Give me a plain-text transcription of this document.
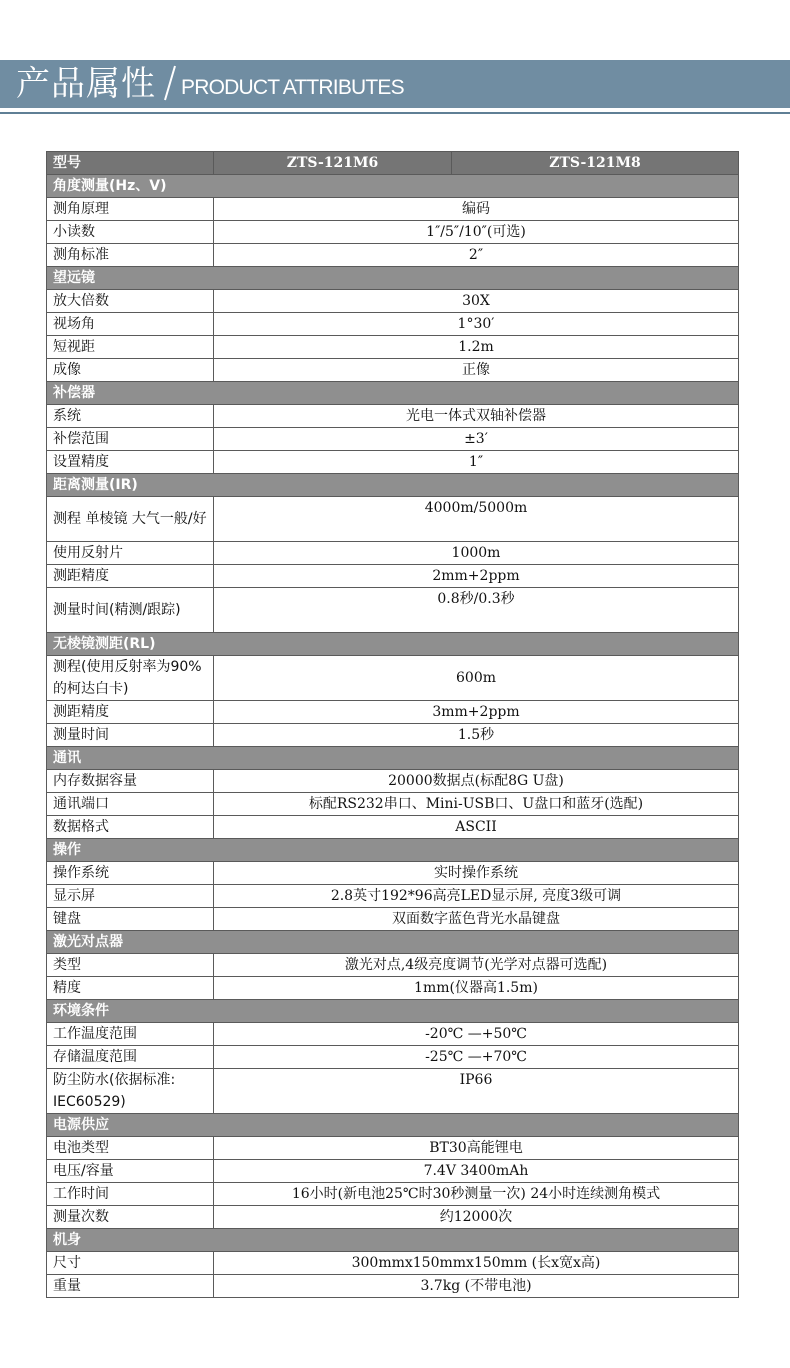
产品属性 PRODUCT ATTRIBUTES
型号	ZTS-121M6	ZTS-121M8
角度测量(Hz、V)		
测角原理	编码	
小读数	1″/5″/10″(可选)	
测角标准	2″	
望远镜		
放大倍数	30X	
视场角	1°30′	
短视距	1.2m	
成像	正像	
补偿器		
系统	光电一体式双轴补偿器	
补偿范围	±3′	
设置精度	1″	
距离测量(IR)		
测程 单棱镜 大气一般/好	4000m/5000m	
使用反射片	1000m	
测距精度	2mm+2ppm	
测量时间(精测/跟踪)	0.8秒/0.3秒	
无棱镜测距(RL)		
测程(使用反射率为90%的柯达白卡)	600m	
测距精度	3mm+2ppm	
测量时间	1.5秒	
通讯		
内存数据容量	20000数据点(标配8G U盘)	
通讯端口	标配RS232串口、Mini-USB口、U盘口和蓝牙(选配)	
数据格式	ASCII	
操作		
操作系统	实时操作系统	
显示屏	2.8英寸192*96高亮LED显示屏, 亮度3级可调	
键盘	双面数字蓝色背光水晶键盘	
激光对点器		
类型	激光对点,4级亮度调节(光学对点器可选配)	
精度	1mm(仪器高1.5m)	
环境条件		
工作温度范围	-20℃ —+50℃	
存储温度范围	-25℃ —+70℃	
防尘防水(依据标准: IEC60529)	IP66	
电源供应		
电池类型	BT30高能锂电	
电压/容量	7.4V 3400mAh	
工作时间	16小时(新电池25℃时30秒测量一次) 24小时连续测角模式	
测量次数	约12000次	
机身		
尺寸	300mmx150mmx150mm (长x宽x高)	
重量	3.7kg (不带电池)	
